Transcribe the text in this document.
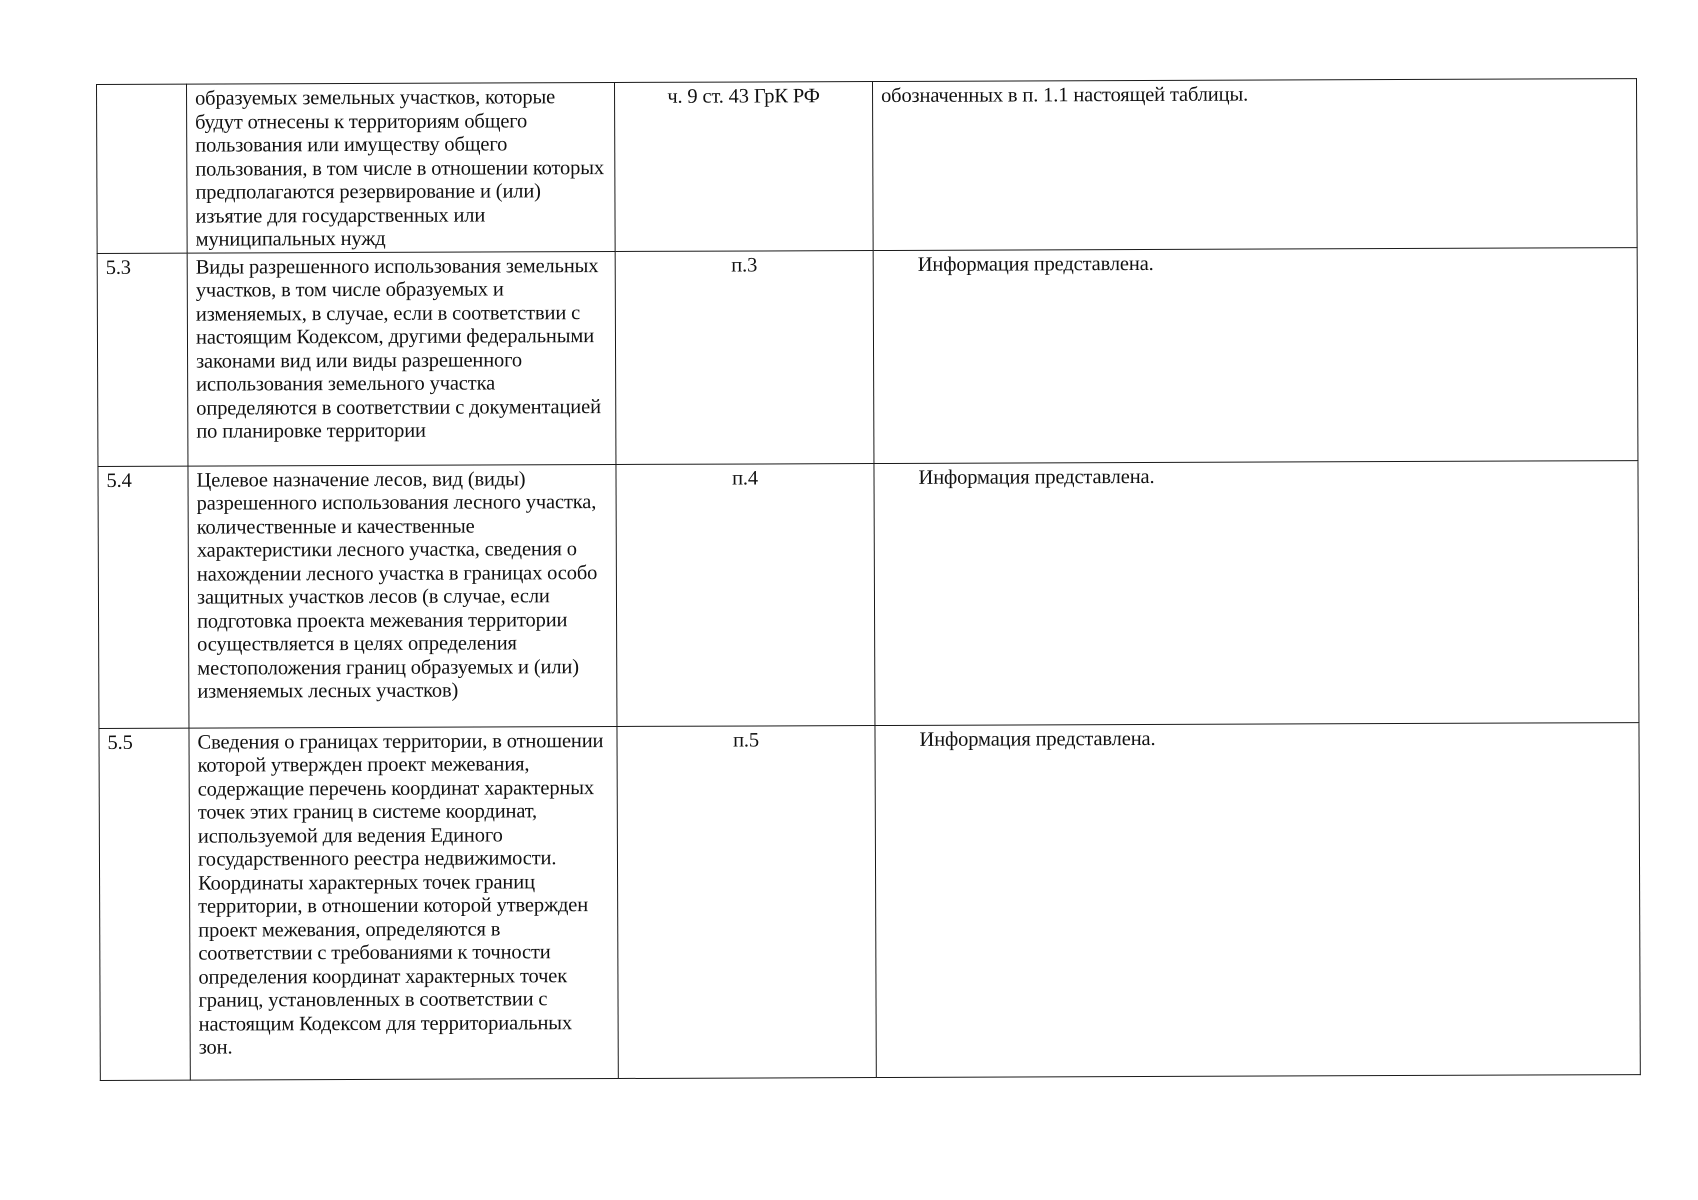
	образуемых земельных участков, которые будут отнесены к территориям общего пользования или имуществу общего пользования, в том числе в отношении которых предполагаются резервирование и (или) изъятие для государственных или муниципальных нужд	ч. 9 ст. 43 ГрК РФ	обозначенных в п. 1.1 настоящей таблицы.
5.3	Виды разрешенного использования земельных участков, в том числе образуемых и изменяемых, в случае, если в соответствии с настоящим Кодексом, другими федеральными законами вид или виды разрешенного использования земельного участка определяются в соответствии с документацией по планировке территории	п.3	Информация представлена.
5.4	Целевое назначение лесов, вид (виды) разрешенного использования лесного участка, количественные и качественные характеристики лесного участка, сведения о нахождении лесного участка в границах особо защитных участков лесов (в случае, если подготовка проекта межевания территории осуществляется в целях определения местоположения границ образуемых и (или) изменяемых лесных участков)	п.4	Информация представлена.
5.5	Сведения о границах территории, в отношении которой утвержден проект межевания, содержащие перечень координат характерных точек этих границ в системе координат, используемой для ведения Единого государственного реестра недвижимости. Координаты характерных точек границ территории, в отношении которой утвержден проект межевания, определяются в соответствии с требованиями к точности определения координат характерных точек границ, установленных в соответствии с настоящим Кодексом для территориальных зон.	п.5	Информация представлена.
